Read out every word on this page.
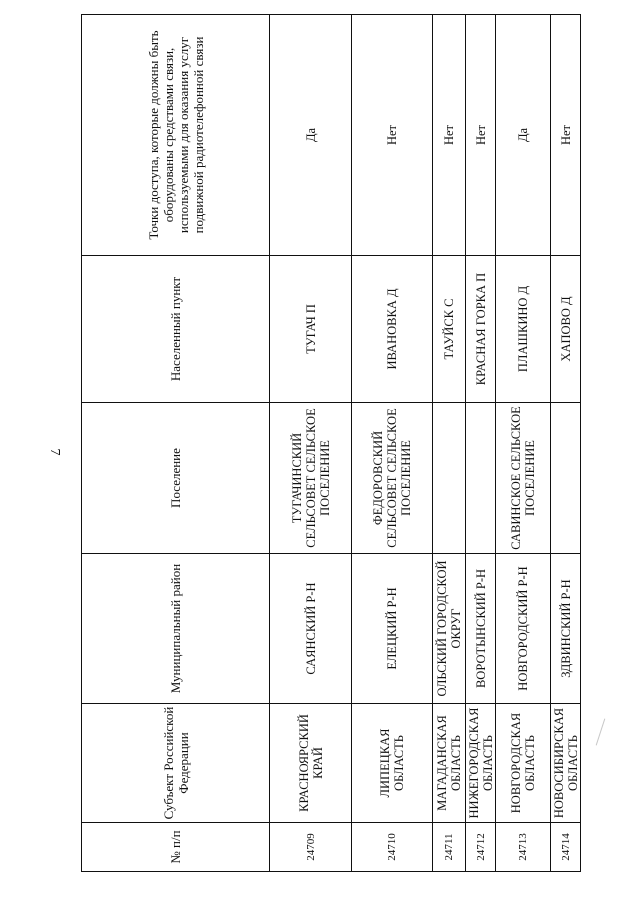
7
№ п/п	Субъект Российской Федерации	Муниципальный район	Поселение	Населенный пункт	Точки доступа, которые должны быть оборудованы средствами связи, используемыми для оказания услуг подвижной радиотелефонной связи
24709	КРАСНОЯРСКИЙ КРАЙ	САЯНСКИЙ Р-Н	ТУГАЧИНСКИЙ СЕЛЬСОВЕТ СЕЛЬСКОЕ ПОСЕЛЕНИЕ	ТУГАЧ П	Да
24710	ЛИПЕЦКАЯ ОБЛАСТЬ	ЕЛЕЦКИЙ Р-Н	ФЕДОРОВСКИЙ СЕЛЬСОВЕТ СЕЛЬСКОЕ ПОСЕЛЕНИЕ	ИВАНОВКА Д	Нет
24711	МАГАДАНСКАЯ ОБЛАСТЬ	ОЛЬСКИЙ ГОРОДСКОЙ ОКРУГ		ТАУЙСК С	Нет
24712	НИЖЕГОРОДСКАЯ ОБЛАСТЬ	ВОРОТЫНСКИЙ Р-Н		КРАСНАЯ ГОРКА П	Нет
24713	НОВГОРОДСКАЯ ОБЛАСТЬ	НОВГОРОДСКИЙ Р-Н	САВИНСКОЕ СЕЛЬСКОЕ ПОСЕЛЕНИЕ	ПЛАШКИНО Д	Да
24714	НОВОСИБИРСКАЯ ОБЛАСТЬ	ЗДВИНСКИЙ Р-Н		ХАПОВО Д	Нет
